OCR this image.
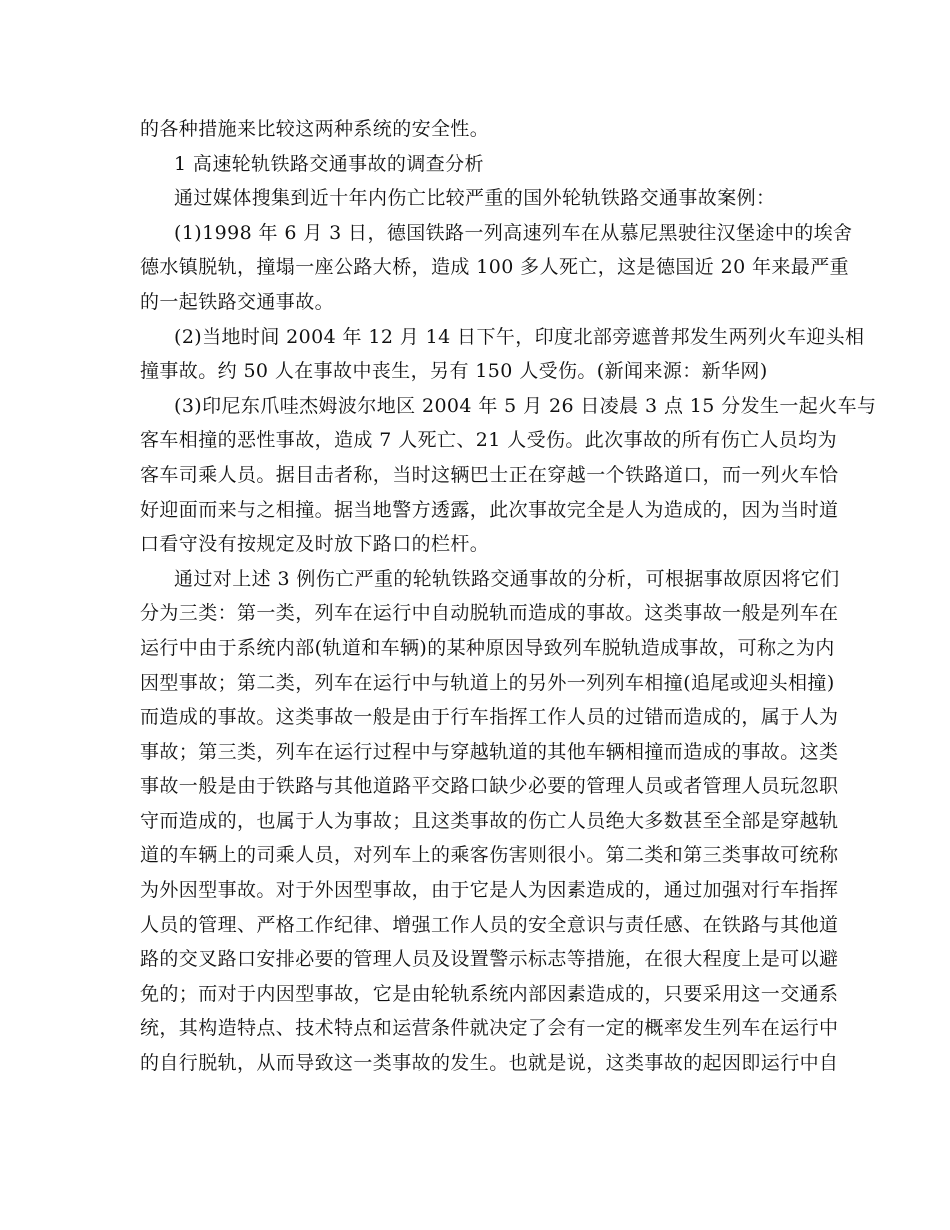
的各种措施来比较这两种系统的安全性。
1 高速轮轨铁路交通事故的调查分析
通过媒体搜集到近十年内伤亡比较严重的国外轮轨铁路交通事故案例：
(1)1998 年 6 月 3 日，德国铁路一列高速列车在从慕尼黑驶往汉堡途中的埃舍
德水镇脱轨，撞塌一座公路大桥，造成 100 多人死亡，这是德国近 20 年来最严重
的一起铁路交通事故。
(2)当地时间 2004 年 12 月 14 日下午，印度北部旁遮普邦发生两列火车迎头相
撞事故。约 50 人在事故中丧生，另有 150 人受伤。(新闻来源：新华网)
(3)印尼东爪哇杰姆波尔地区 2004 年 5 月 26 日凌晨 3 点 15 分发生一起火车与
客车相撞的恶性事故，造成 7 人死亡、21 人受伤。此次事故的所有伤亡人员均为
客车司乘人员。据目击者称，当时这辆巴士正在穿越一个铁路道口，而一列火车恰
好迎面而来与之相撞。据当地警方透露，此次事故完全是人为造成的，因为当时道
口看守没有按规定及时放下路口的栏杆。
通过对上述 3 例伤亡严重的轮轨铁路交通事故的分析，可根据事故原因将它们
分为三类：第一类，列车在运行中自动脱轨而造成的事故。这类事故一般是列车在
运行中由于系统内部(轨道和车辆)的某种原因导致列车脱轨造成事故，可称之为内
因型事故；第二类，列车在运行中与轨道上的另外一列列车相撞(追尾或迎头相撞)
而造成的事故。这类事故一般是由于行车指挥工作人员的过错而造成的，属于人为
事故；第三类，列车在运行过程中与穿越轨道的其他车辆相撞而造成的事故。这类
事故一般是由于铁路与其他道路平交路口缺少必要的管理人员或者管理人员玩忽职
守而造成的，也属于人为事故；且这类事故的伤亡人员绝大多数甚至全部是穿越轨
道的车辆上的司乘人员，对列车上的乘客伤害则很小。第二类和第三类事故可统称
为外因型事故。对于外因型事故，由于它是人为因素造成的，通过加强对行车指挥
人员的管理、严格工作纪律、增强工作人员的安全意识与责任感、在铁路与其他道
路的交叉路口安排必要的管理人员及设置警示标志等措施，在很大程度上是可以避
免的；而对于内因型事故，它是由轮轨系统内部因素造成的，只要采用这一交通系
统，其构造特点、技术特点和运营条件就决定了会有一定的概率发生列车在运行中
的自行脱轨，从而导致这一类事故的发生。也就是说，这类事故的起因即运行中自
